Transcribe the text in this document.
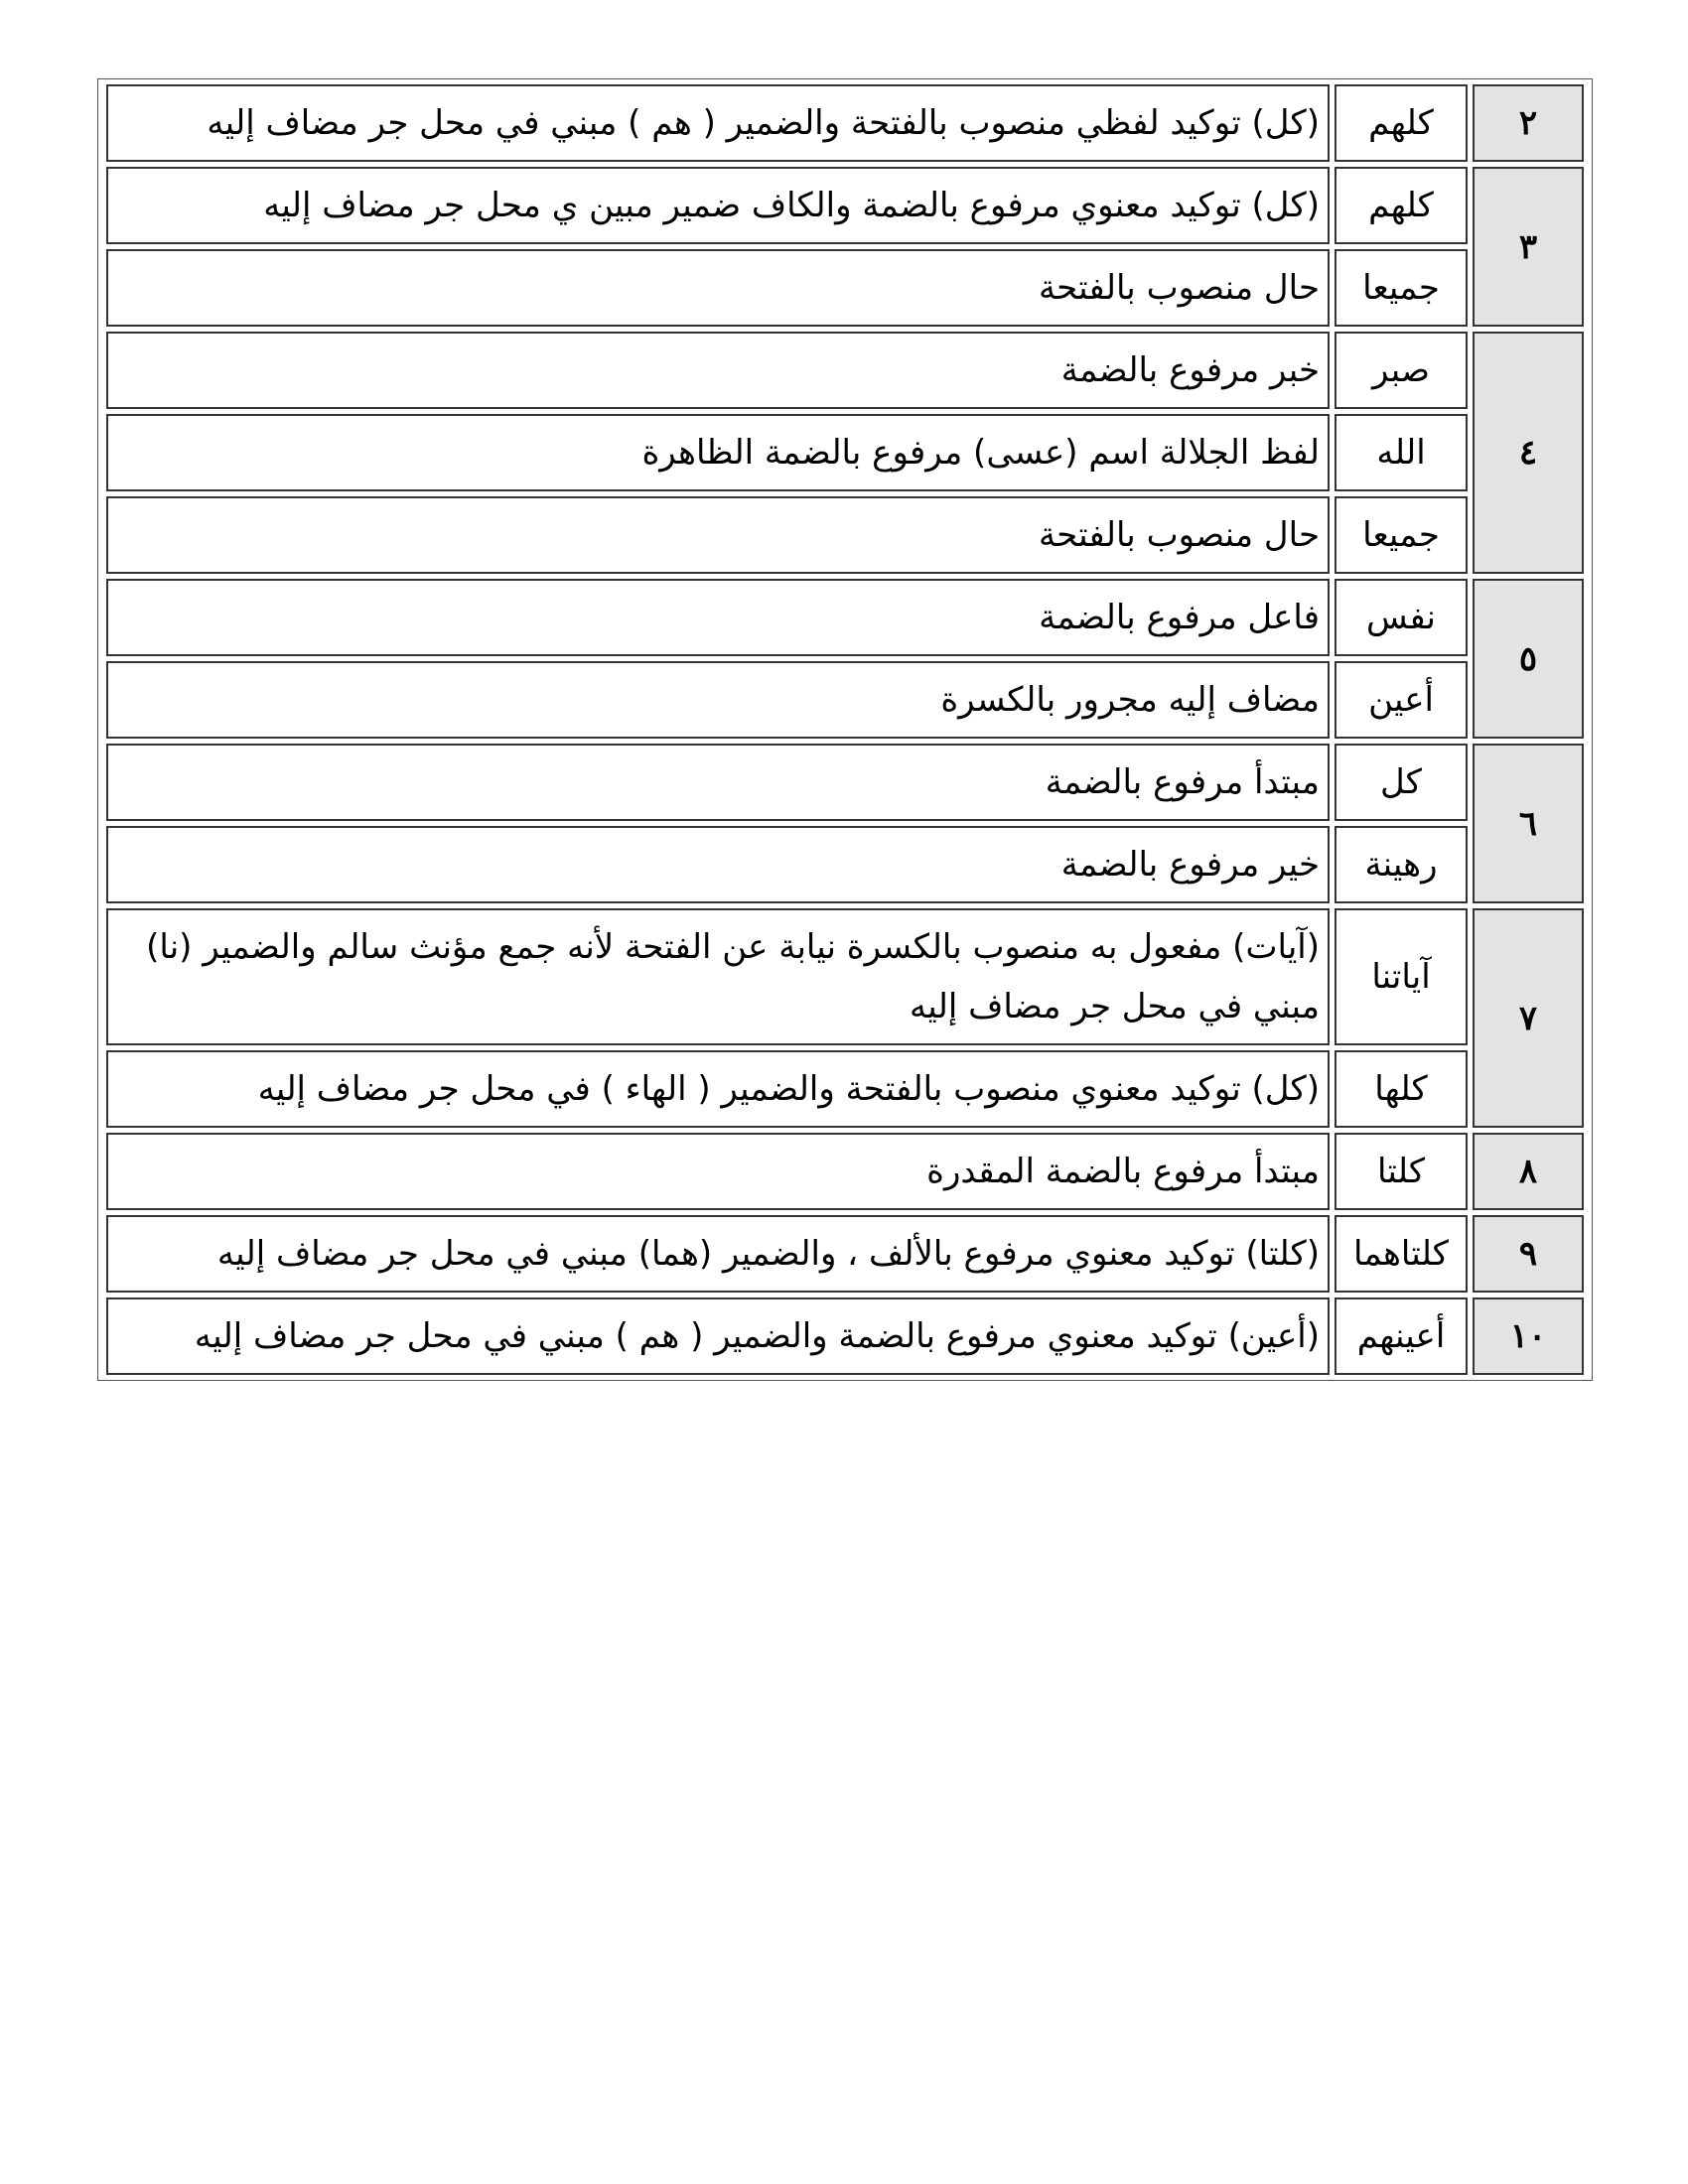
٢	كلهم	(كل) توكيد لفظي منصوب بالفتحة والضمير ( هم ) مبني في محل جر مضاف إليه
٣	كلهم	(كل) توكيد معنوي مرفوع بالضمة والكاف ضمير مبين ي محل جر مضاف إليه
	جميعا	حال منصوب بالفتحة
٤	صبر	خبر مرفوع بالضمة
	الله	لفظ الجلالة اسم (عسى) مرفوع بالضمة الظاهرة
	جميعا	حال منصوب بالفتحة
٥	نفس	فاعل مرفوع بالضمة
	أعين	مضاف إليه مجرور بالكسرة
٦	كل	مبتدأ مرفوع بالضمة
	رهينة	خير مرفوع بالضمة
٧	آياتنا	(آيات) مفعول به منصوب بالكسرة نيابة عن الفتحة لأنه جمع مؤنث سالم والضمير (نا) مبني في محل جر مضاف إليه
	كلها	(كل) توكيد معنوي منصوب بالفتحة والضمير ( الهاء ) في محل جر مضاف إليه
٨	كلتا	مبتدأ مرفوع بالضمة المقدرة
٩	كلتاهما	(كلتا) توكيد معنوي مرفوع بالألف ، والضمير (هما) مبني في محل جر مضاف إليه
١٠	أعينهم	(أعين) توكيد معنوي مرفوع بالضمة والضمير ( هم ) مبني في محل جر مضاف إليه
